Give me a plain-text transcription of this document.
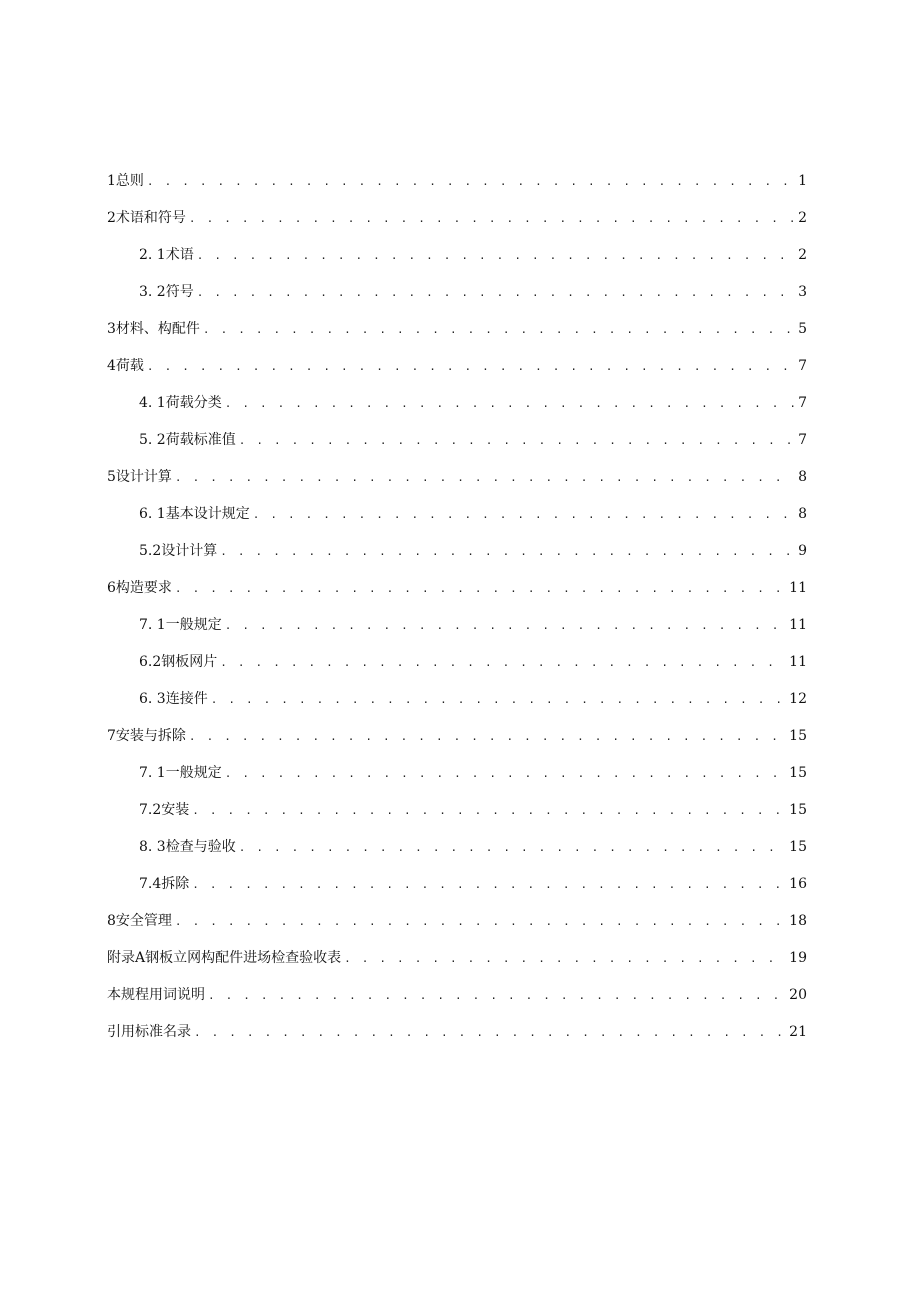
1总则 . . .	1
2术语和符号 . . .	2
2. 1术语 . . .	2
3. 2符号 . . .	3
3材料、构配件 . . .	5
4荷载 . . .	7
4. 1荷载分类 . . .	7
5. 2荷载标准值 . . .	7
5设计计算 . . .	8
6. 1基本设计规定 . . .	8
5.2设计计算 . . .	9
6构造要求 . . .	11
7. 1一般规定 . . .	11
6.2钢板网片 . . .	11
6. 3连接件 . . .	12
7安装与拆除 . . .	15
7. 1一般规定 . . .	15
7.2安装 . . .	15
8. 3检查与验收 . . .	15
7.4拆除 . . .	16
8安全管理 . . .	18
附录A钢板立网构配件进场检查验收表 . . .	19
本规程用词说明 . . .	20
引用标准名录 . . .	21
